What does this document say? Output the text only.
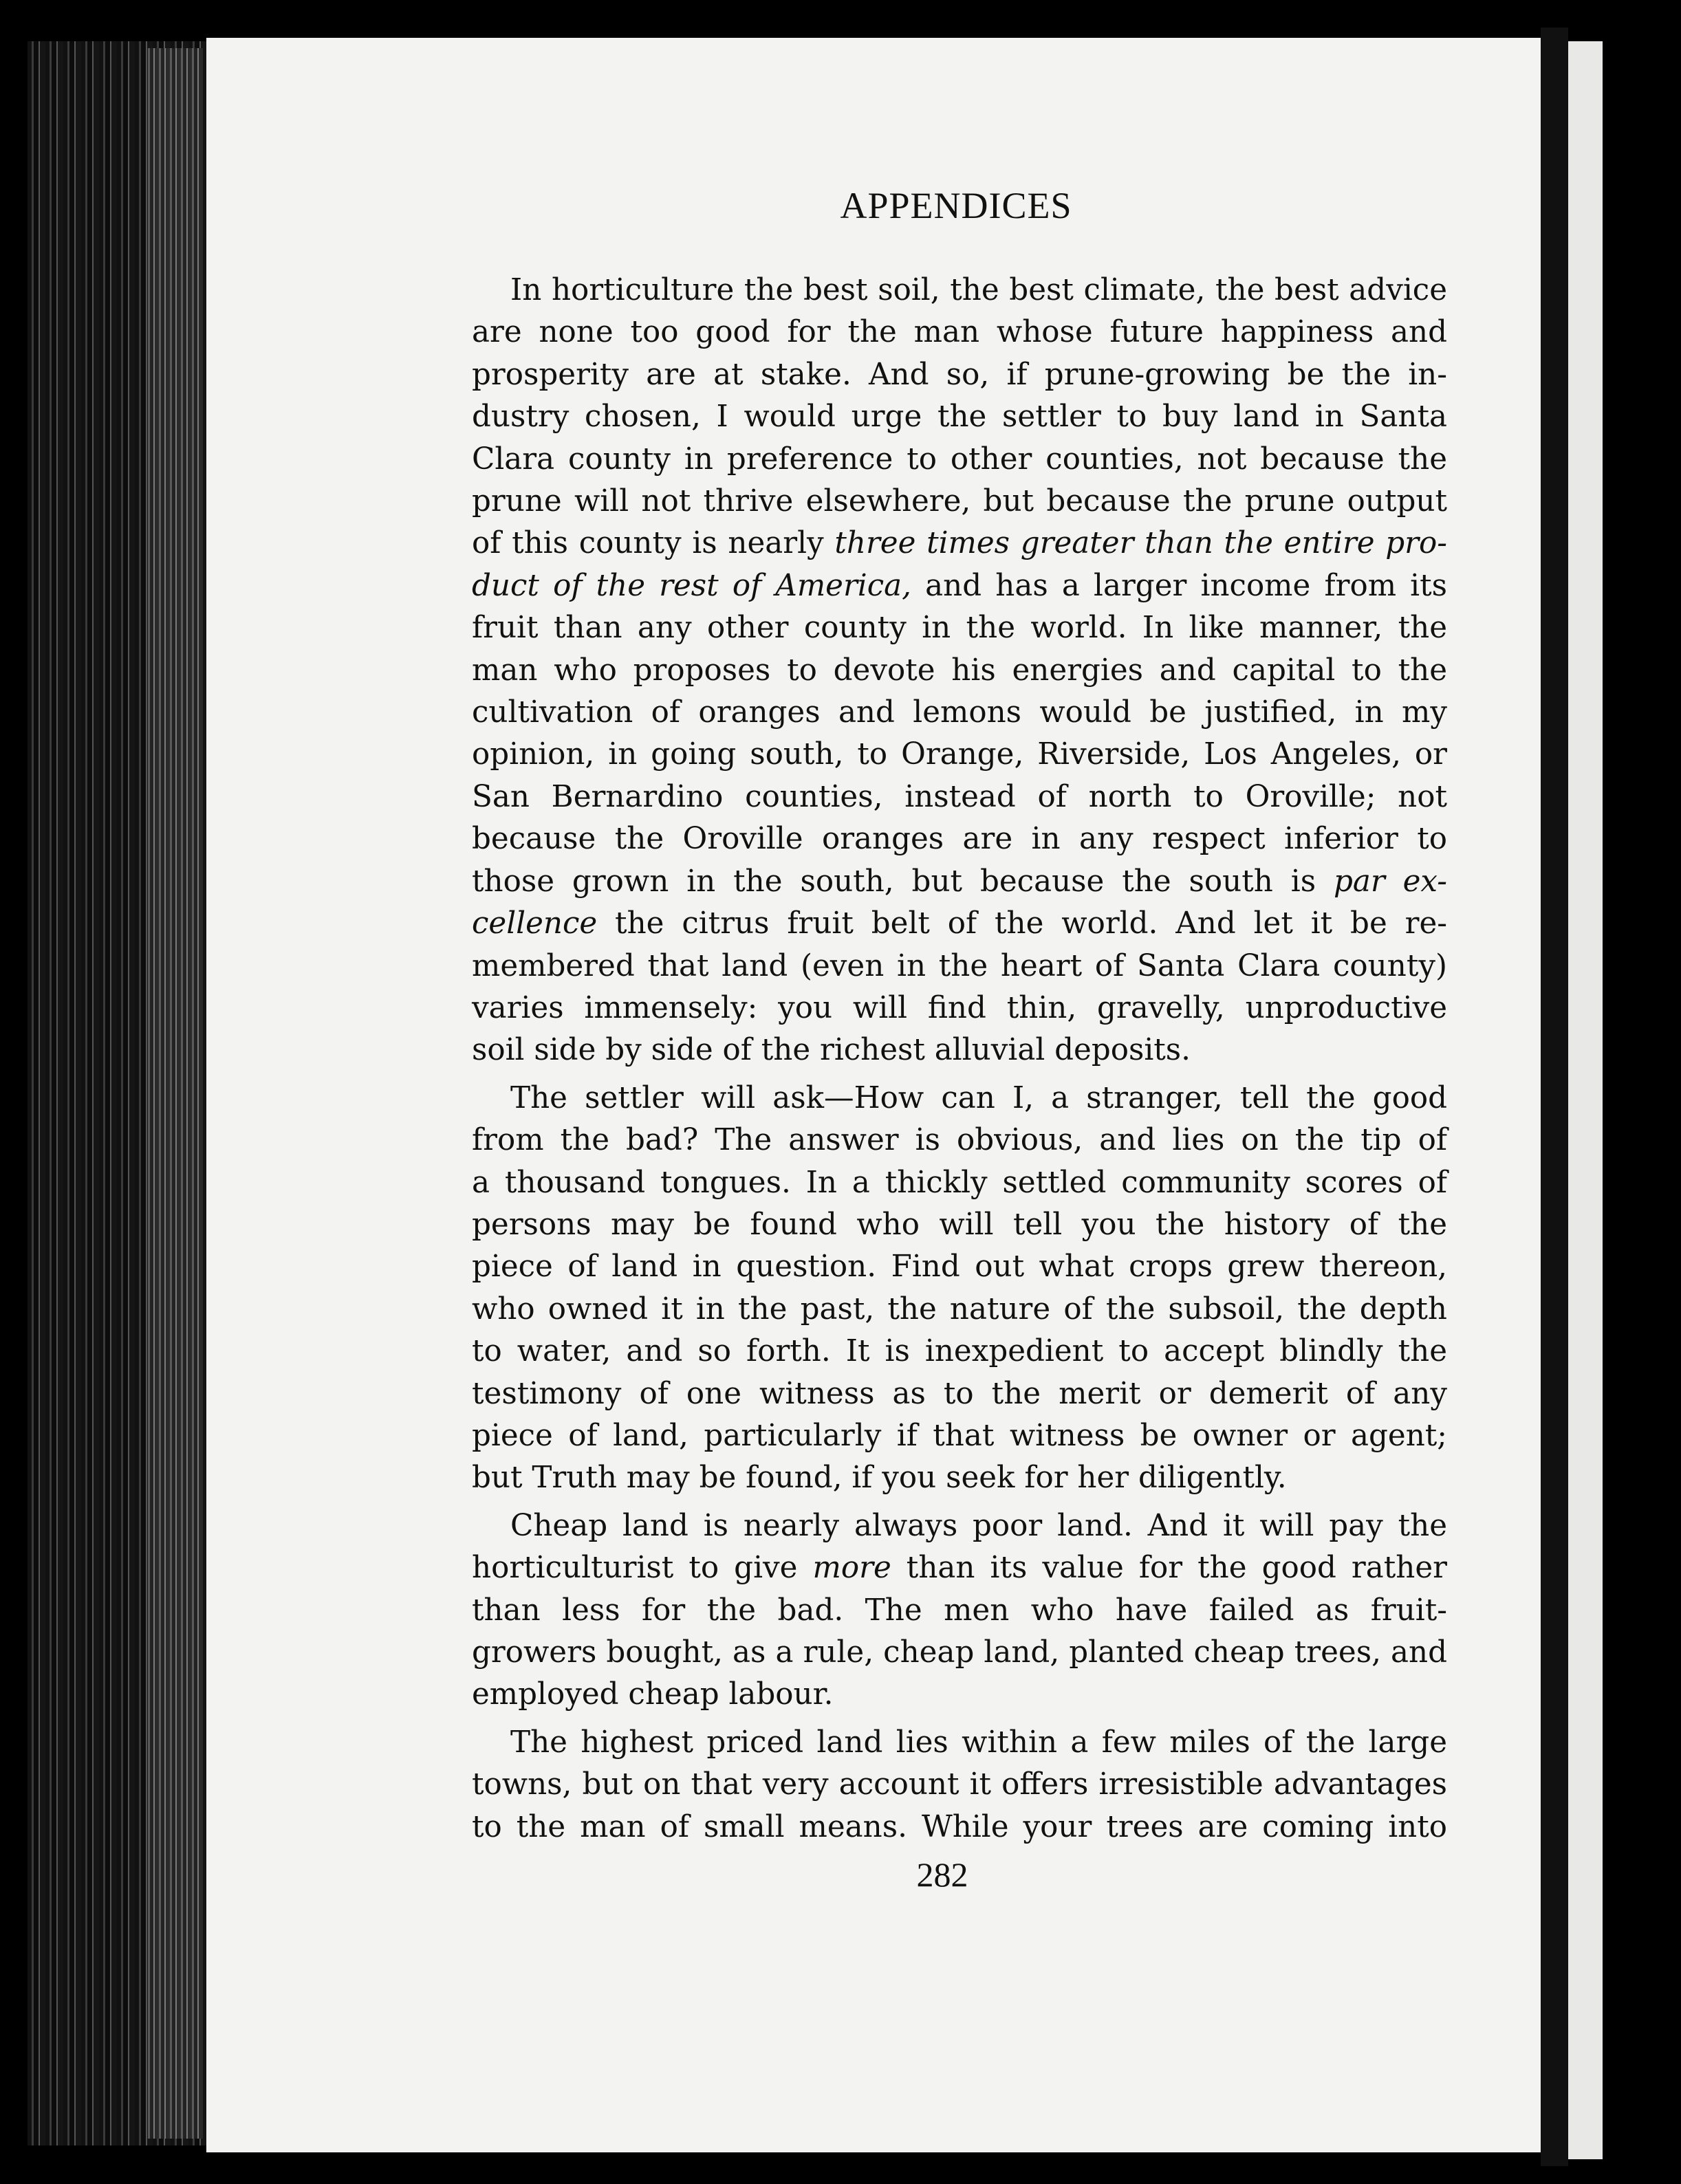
APPENDICES
In horticulture the best soil, the best climate, the best advice
are none too good for the man whose future happiness and
prosperity are at stake. And so, if prune-growing be the in-
dustry chosen, I would urge the settler to buy land in Santa
Clara county in preference to other counties, not because the
prune will not thrive elsewhere, but because the prune output
of this county is nearly three times greater than the entire pro-
duct of the rest of America, and has a larger income from its
fruit than any other county in the world. In like manner, the
man who proposes to devote his energies and capital to the
cultivation of oranges and lemons would be justified, in my
opinion, in going south, to Orange, Riverside, Los Angeles, or
San Bernardino counties, instead of north to Oroville; not
because the Oroville oranges are in any respect inferior to
those grown in the south, but because the south is par ex-
cellence the citrus fruit belt of the world. And let it be re-
membered that land (even in the heart of Santa Clara county)
varies immensely: you will find thin, gravelly, unproductive
soil side by side of the richest alluvial deposits.
The settler will ask—How can I, a stranger, tell the good
from the bad? The answer is obvious, and lies on the tip of
a thousand tongues. In a thickly settled community scores of
persons may be found who will tell you the history of the
piece of land in question. Find out what crops grew thereon,
who owned it in the past, the nature of the subsoil, the depth
to water, and so forth. It is inexpedient to accept blindly the
testimony of one witness as to the merit or demerit of any
piece of land, particularly if that witness be owner or agent;
but Truth may be found, if you seek for her diligently.
Cheap land is nearly always poor land. And it will pay the
horticulturist to give more than its value for the good rather
than less for the bad. The men who have failed as fruit-
growers bought, as a rule, cheap land, planted cheap trees, and
employed cheap labour.
The highest priced land lies within a few miles of the large
towns, but on that very account it offers irresistible advantages
to the man of small means. While your trees are coming into
282
